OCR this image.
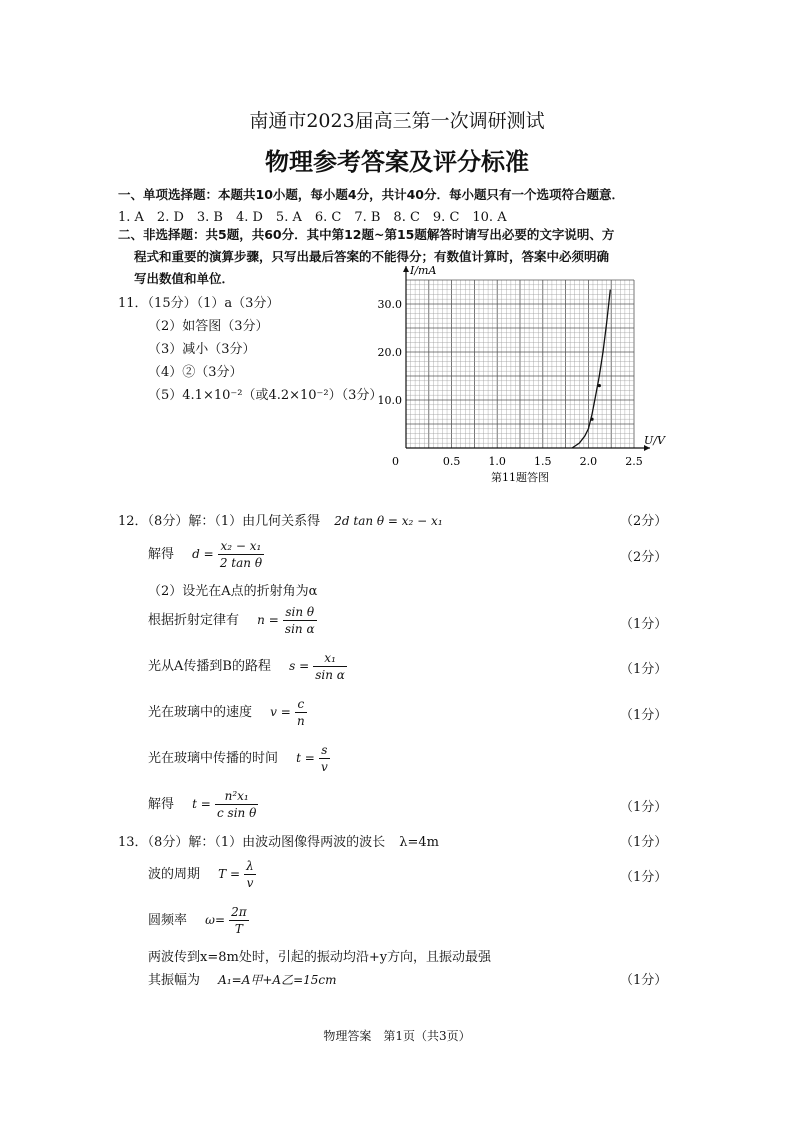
南通市2023届高三第一次调研测试
物理参考答案及评分标准
一、单项选择题：本题共10小题，每小题4分，共计40分．每小题只有一个选项符合题意．
1. A　2. D　3. B　4. D　5. A　6. C　7. B　8. C　9. C　10. A
二、非选择题：共5题，共60分．其中第12题~第15题解答时请写出必要的文字说明、方
程式和重要的演算步骤，只写出最后答案的不能得分；有数值计算时，答案中必须明确
写出数值和单位．
11．（15分）（1）a（3分）
（2）如答图（3分）
（3）减小（3分）
（4）②（3分）
（5）4.1×10⁻²（或4.2×10⁻²）（3分）
0.5	1.0	1.5	2.0	2.5
10.0
20.0
30.0
I/mA
U/V
0
第11题答图
12．（8分）解：（1）由几何关系得 2d tan θ = x₂ − x₁	（2分）
解得 $d = \frac{\text{x₂ − x₁}}{\text{2 tan θ}}$	（2分）
（2）设光在A点的折射角为α
根据折射定律有 $n = \frac{\text{sin θ}}{\text{sin α}}$	（1分）
光从A传播到B的路程 $s = \frac{\text{x₁}}{\text{sin α}}$	（1分）
光在玻璃中的速度 $v = \frac{c}{n}$	（1分）
光在玻璃中传播的时间 $t = \frac{s}{v}$
解得 $t = \frac{\text{n²x₁}}{\text{c sin θ}}$	（1分）
13．（8分）解：（1）由波动图像得两波的波长 λ=4m	（1分）
波的周期 $T = \frac{\lambda}{v}$	（1分）
圆频率 $\omega= \frac{2\pi}{T}$
两波传到x=8m处时，引起的振动均沿+y方向，且振动最强
其振幅为 A₁=A甲+A乙=15cm	（1分）
物理答案　第1页（共3页）
